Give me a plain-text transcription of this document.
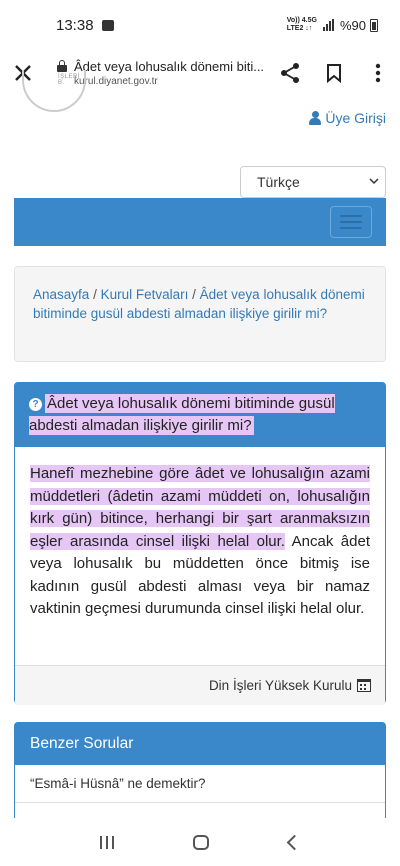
13:38	Vo)) 4.5G
LTE2 ↓↑	%90
Âdet veya lohusalık dönemi biti...
kurul.diyanet.gov.tr
İŞLERİ B.
Üye Girişi
Türkçe
Anasayfa / Kurul Fetvaları / Âdet veya lohusalık dönemi bitiminde gusül abdesti almadan ilişkiye girilir mi?
? Âdet veya lohusalık dönemi bitiminde gusül abdesti almadan ilişkiye girilir mi?
Hanefî mezhebine göre âdet ve lohusalığın azami müddetleri (âdetin azami müddeti on, lohusalığın kırk gün) bitince, herhangi bir şart aranmaksızın eşler arasında cinsel ilişki helal olur. Ancak âdet veya lohusalık bu müddetten önce bitmiş ise kadının gusül abdesti alması veya bir namaz vaktinin geçmesi durumunda cinsel ilişki helal olur.
Din İşleri Yüksek Kurulu
Benzer Sorular
“Esmâ-i Hüsnâ” ne demektir?
